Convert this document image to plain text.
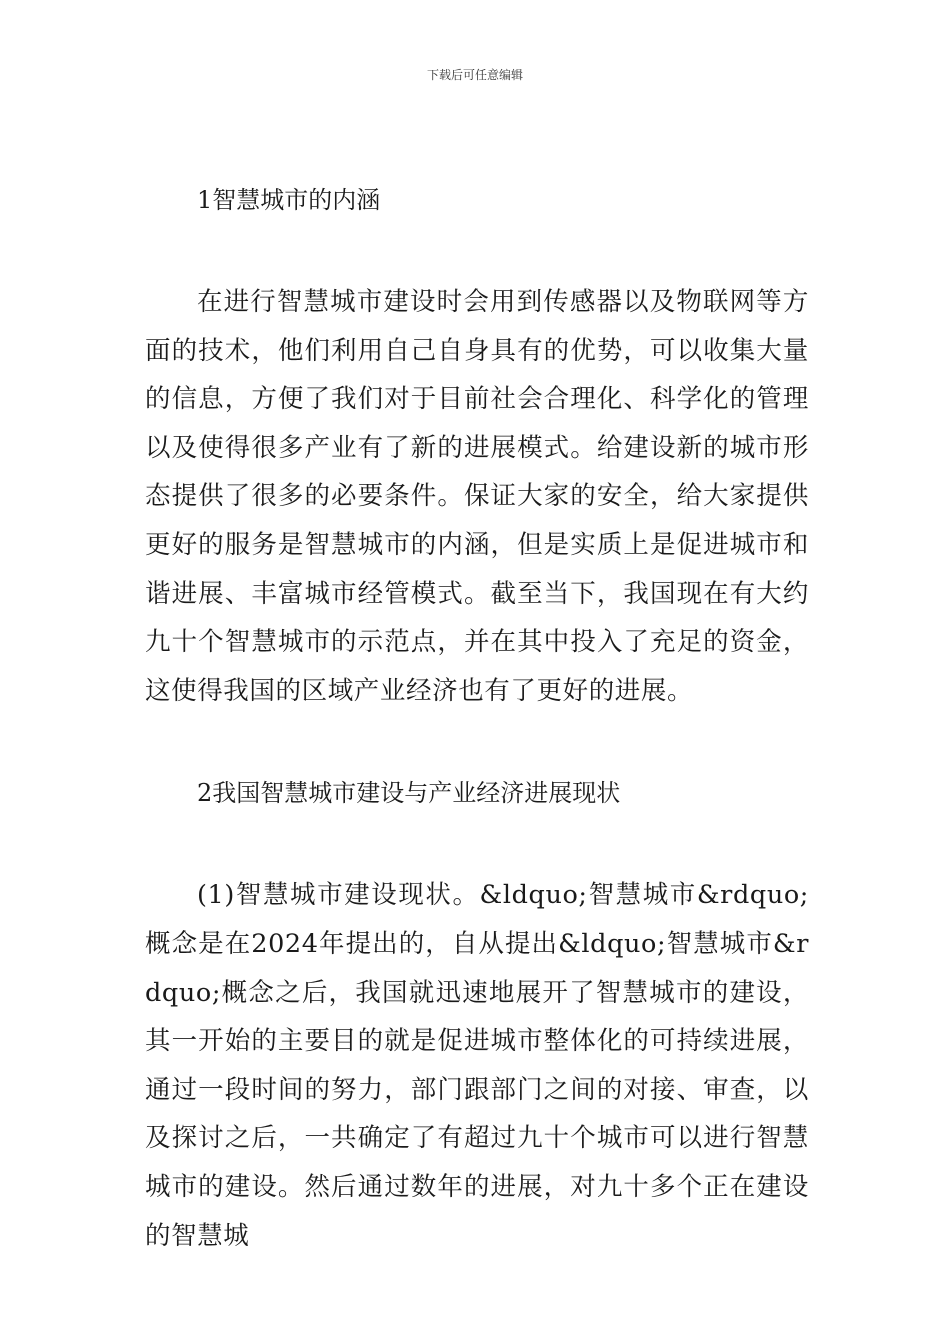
下载后可任意编辑

1智慧城市的内涵

在进行智慧城市建设时会用到传感器以及物联网等方面的技术，他们利用自己自身具有的优势，可以收集大量的信息，方便了我们对于目前社会合理化、科学化的管理以及使得很多产业有了新的进展模式。给建设新的城市形态提供了很多的必要条件。保证大家的安全，给大家提供更好的服务是智慧城市的内涵，但是实质上是促进城市和谐进展、丰富城市经管模式。截至当下，我国现在有大约九十个智慧城市的示范点，并在其中投入了充足的资金，这使得我国的区域产业经济也有了更好的进展。

2我国智慧城市建设与产业经济进展现状

(1)智慧城市建设现状。&ldquo;智慧城市&rdquo;概念是在2024年提出的，自从提出&ldquo;智慧城市&rdquo;概念之后，我国就迅速地展开了智慧城市的建设，其一开始的主要目的就是促进城市整体化的可持续进展，通过一段时间的努力，部门跟部门之间的对接、审查，以及探讨之后，一共确定了有超过九十个城市可以进行智慧城市的建设。然后通过数年的进展，对九十多个正在建设的智慧城
